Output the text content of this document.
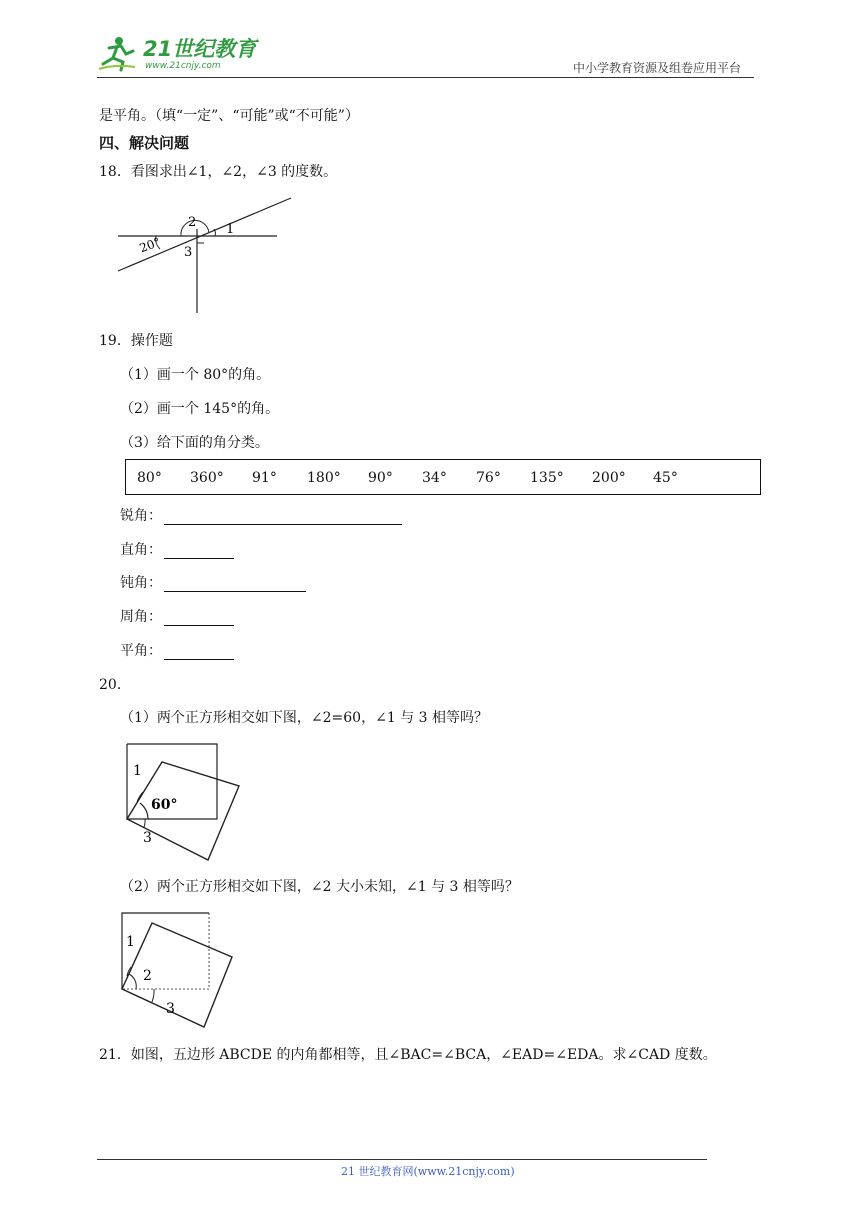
21世纪教育
www.21cnjy.com	中小学教育资源及组卷应用平台
是平角。（填“一定”、“可能”或“不可能”）
四、解决问题
18．看图求出∠1，∠2，∠3 的度数。
20°
1
2
3
19．操作题
（1）画一个 80°的角。
（2）画一个 145°的角。
（3）给下面的角分类。
80° 360° 91° 180° 90° 34° 76° 135° 200° 45°
锐角：
直角：
钝角：
周角：
平角：
20．
（1）两个正方形相交如下图，∠2=60，∠1 与 3 相等吗？
1
60°
3
（2）两个正方形相交如下图，∠2 大小未知，∠1 与 3 相等吗？
1
2
3
21．如图，五边形 ABCDE 的内角都相等，且∠BAC=∠BCA，∠EAD=∠EDA。求∠CAD 度数。
21 世纪教育网(www.21cnjy.com)
